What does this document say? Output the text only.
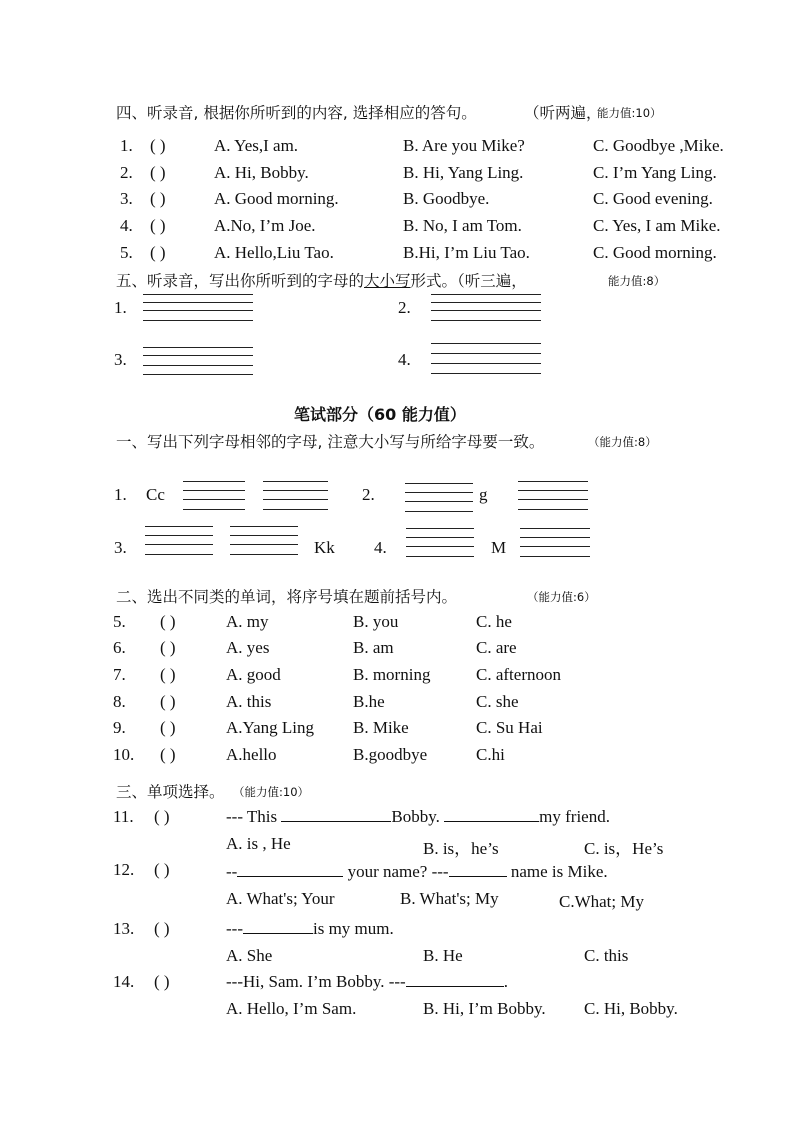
四、听录音, 根据你所听到的内容, 选择相应的答句。	（听两遍，
能力值:10）
1. ( )	A. Yes,I am.	B. Are you Mike?	C. Goodbye ,Mike.
2. ( )	A. Hi, Bobby.	B. Hi, Yang Ling.	C. I’m Yang Ling.
3. ( )	A. Good morning.	B. Goodbye.	C. Good evening.
4. ( )	A.No, I’m Joe.	B. No, I am Tom.	C. Yes, I am Mike.
5. ( )	A. Hello,Liu Tao.	B.Hi, I’m Liu Tao.	C. Good morning.
五、听录音，写出你所听到的字母的大小写形式。（听三遍，	能力值:8）
1.	2.
3.	4.
笔试部分（60 能力值）
一、写出下列字母相邻的字母, 注意大小写与所给字母要一致。	（能力值:8）
1. Cc	2.	g
3.	Kk 4.	M
二、选出不同类的单词，将序号填在题前括号内。	（能力值:6）
5. ( )	A. my	B. you	C. he
6. ( )	A. yes	B. am	C. are
7. ( )	A. good	B. morning	C. afternoon
8. ( )	A. this	B.he	C. she
9. ( )	A.Yang Ling B. Mike	C. Su Hai
10. ( )	A.hello	B.goodbye	C.hi
三、单项选择。 （能力值:10）
11. ( )	--- This	Bobby.	my friend.
A. is , He	B. is，he’s	C. is，He’s
12. ( )	--	your name? ---	name is Mike.
A. What's; Your	B. What's; My	C.What; My
13. ( )	---	is my mum.
A. She	B. He	C. this
14. ( )	---Hi, Sam. I’m Bobby. ---	.
A. Hello, I’m Sam.	B. Hi, I’m Bobby. C. Hi, Bobby.
